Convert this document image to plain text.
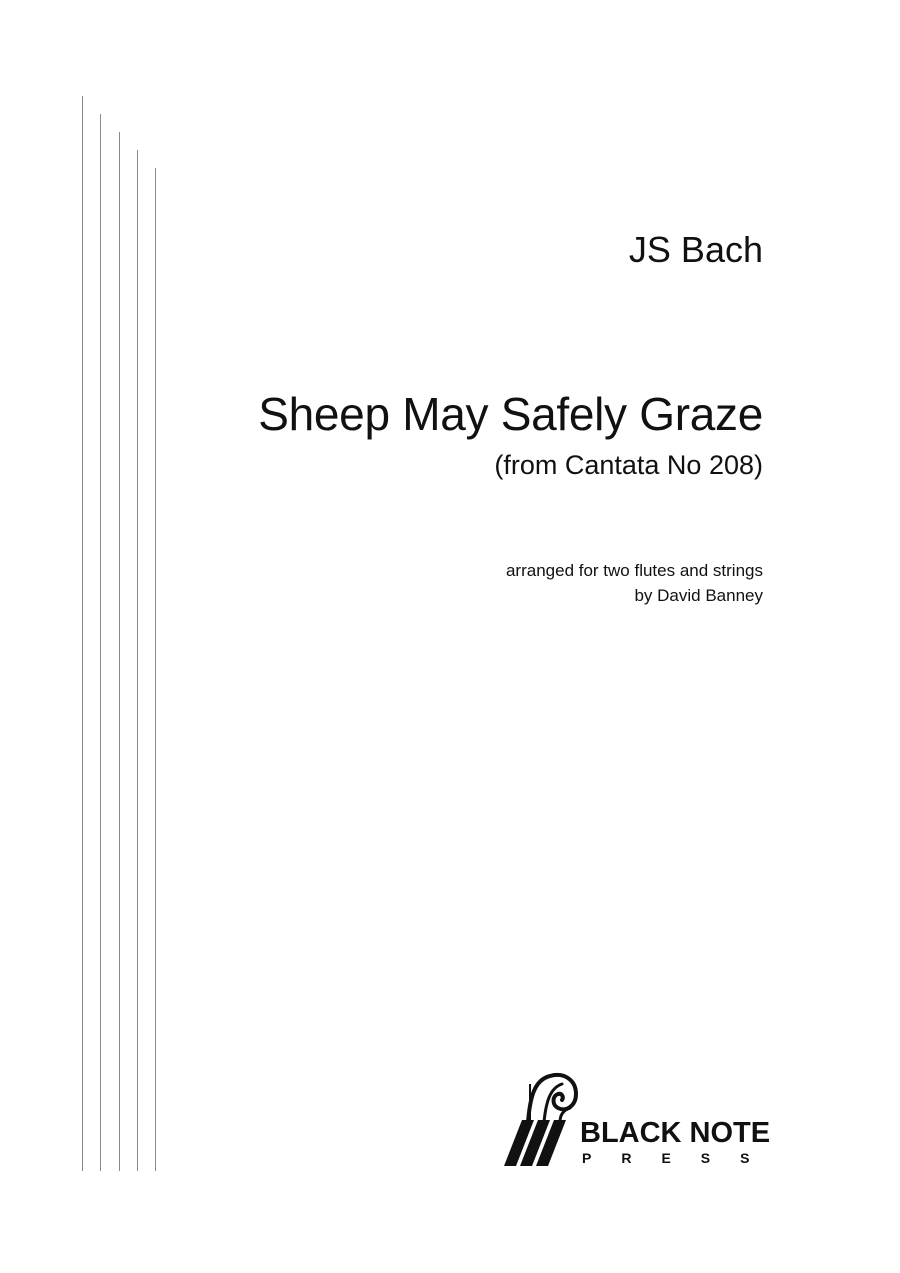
JS Bach
Sheep May Safely Graze
(from Cantata No 208)
arranged for two flutes and strings
by David Banney
BLACK NOTE
PRESS
